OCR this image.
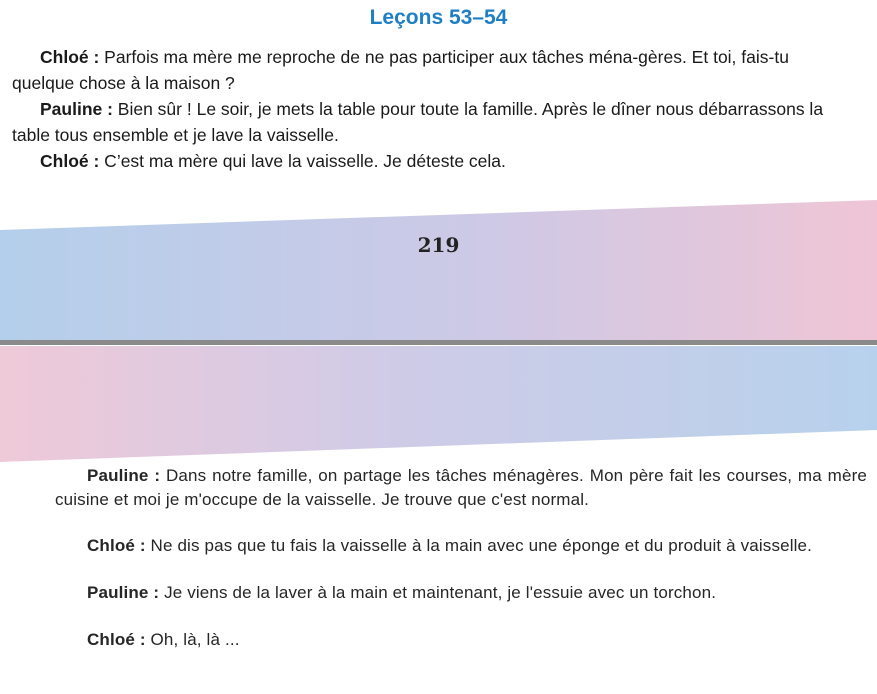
Leçons 53–54

Chloé : Parfois ma mère me reproche de ne pas participer aux tâches ména-gères. Et toi, fais-tu quelque chose à la maison ?

Pauline : Bien sûr ! Le soir, je mets la table pour toute la famille. Après le dîner nous débarrassons la table tous ensemble et je lave la vaisselle.

Chloé : C’est ma mère qui lave la vaisselle. Je déteste cela.

219

Pauline : Dans notre famille, on partage les tâches ménagères. Mon père fait les courses, ma mère cuisine et moi je m'occupe de la vaisselle. Je trouve que c'est normal.

Chloé : Ne dis pas que tu fais la vaisselle à la main avec une éponge et du produit à vaisselle.

Pauline : Je viens de la laver à la main et maintenant, je l'essuie avec un torchon.

Chloé : Oh, là, là ...
